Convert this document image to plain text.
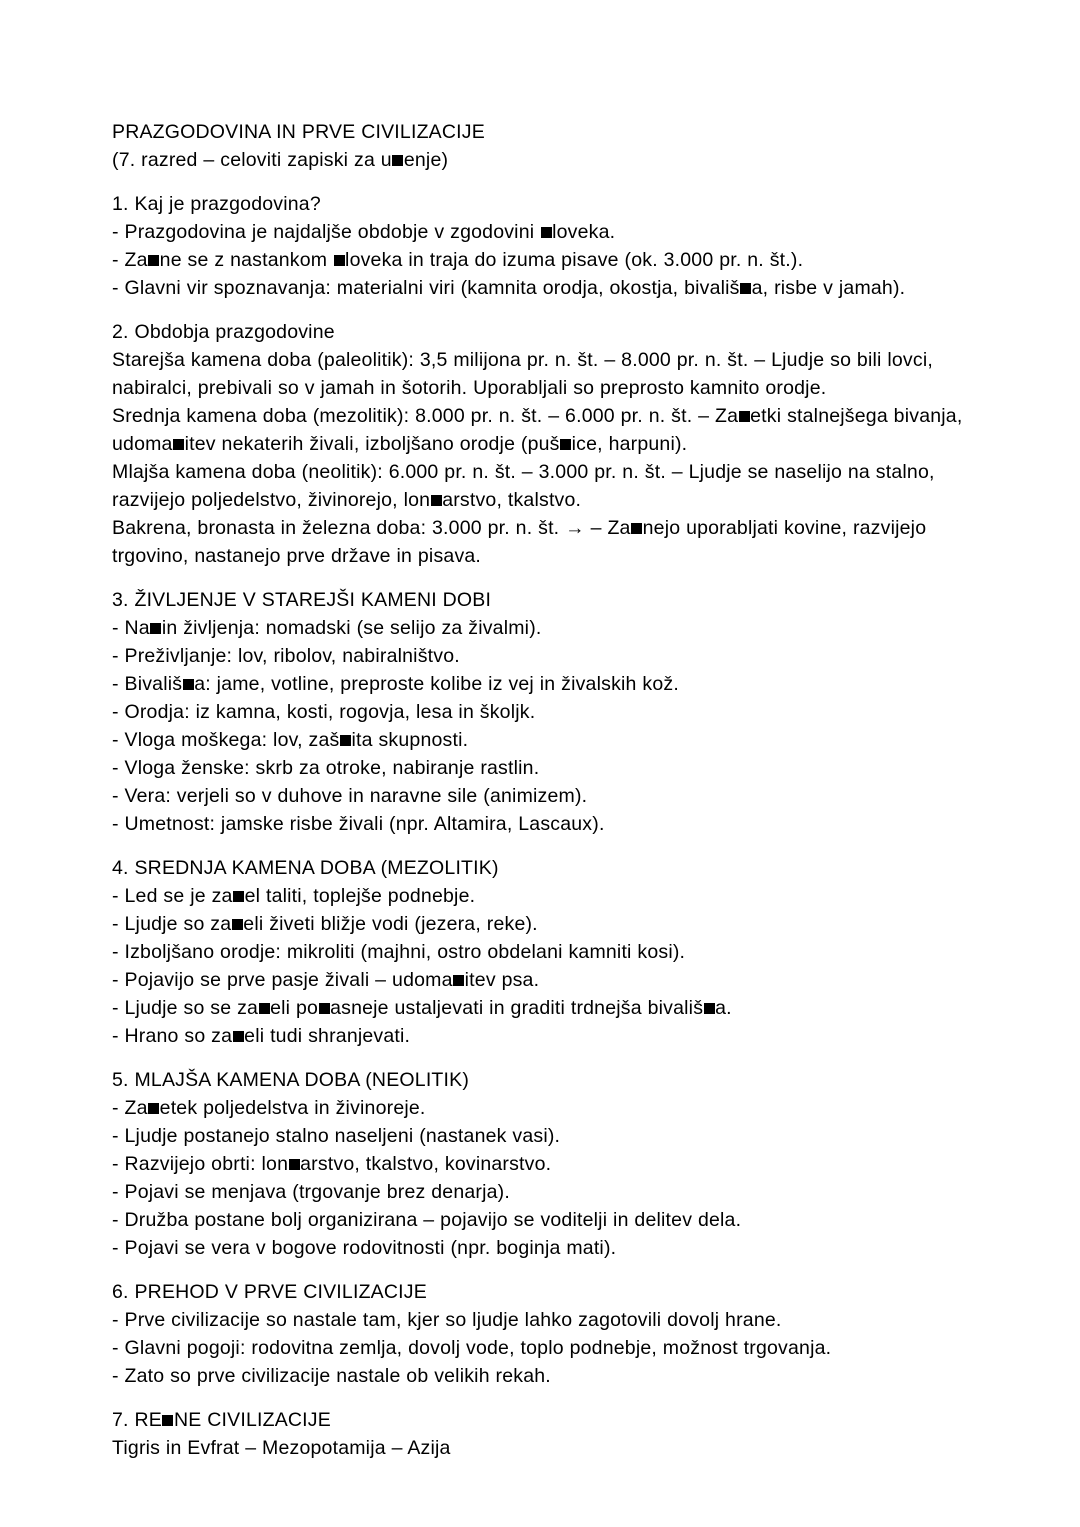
PRAZGODOVINA IN PRVE CIVILIZACIJE
(7. razred – celoviti zapiski za u enje)
1. Kaj je prazgodovina?
- Prazgodovina je najdaljše obdobje v zgodovini loveka.
- Za ne se z nastankom loveka in traja do izuma pisave (ok. 3.000 pr. n. št.).
- Glavni vir spoznavanja: materialni viri (kamnita orodja, okostja, bivališ a, risbe v jamah).
2. Obdobja prazgodovine
Starejša kamena doba (paleolitik): 3,5 milijona pr. n. št. – 8.000 pr. n. št. – Ljudje so bili lovci, nabiralci, prebivali so v jamah in šotorih. Uporabljali so preprosto kamnito orodje.
Srednja kamena doba (mezolitik): 8.000 pr. n. št. – 6.000 pr. n. št. – Za etki stalnejšega bivanja, udoma itev nekaterih živali, izboljšano orodje (puš ice, harpuni).
Mlajša kamena doba (neolitik): 6.000 pr. n. št. – 3.000 pr. n. št. – Ljudje se naselijo na stalno, razvijejo poljedelstvo, živinorejo, lon arstvo, tkalstvo.
Bakrena, bronasta in železna doba: 3.000 pr. n. št. → – Za nejo uporabljati kovine, razvijejo trgovino, nastanejo prve države in pisava.
3. ŽIVLJENJE V STAREJŠI KAMENI DOBI
- Na in življenja: nomadski (se selijo za živalmi).
- Preživljanje: lov, ribolov, nabiralništvo.
- Bivališ a: jame, votline, preproste kolibe iz vej in živalskih kož.
- Orodja: iz kamna, kosti, rogovja, lesa in školjk.
- Vloga moškega: lov, zaš ita skupnosti.
- Vloga ženske: skrb za otroke, nabiranje rastlin.
- Vera: verjeli so v duhove in naravne sile (animizem).
- Umetnost: jamske risbe živali (npr. Altamira, Lascaux).
4. SREDNJA KAMENA DOBA (MEZOLITIK)
- Led se je za el taliti, toplejše podnebje.
- Ljudje so za eli živeti bližje vodi (jezera, reke).
- Izboljšano orodje: mikroliti (majhni, ostro obdelani kamniti kosi).
- Pojavijo se prve pasje živali – udoma itev psa.
- Ljudje so se za eli po asneje ustaljevati in graditi trdnejša bivališ a.
- Hrano so za eli tudi shranjevati.
5. MLAJŠA KAMENA DOBA (NEOLITIK)
- Za etek poljedelstva in živinoreje.
- Ljudje postanejo stalno naseljeni (nastanek vasi).
- Razvijejo obrti: lon arstvo, tkalstvo, kovinarstvo.
- Pojavi se menjava (trgovanje brez denarja).
- Družba postane bolj organizirana – pojavijo se voditelji in delitev dela.
- Pojavi se vera v bogove rodovitnosti (npr. boginja mati).
6. PREHOD V PRVE CIVILIZACIJE
- Prve civilizacije so nastale tam, kjer so ljudje lahko zagotovili dovolj hrane.
- Glavni pogoji: rodovitna zemlja, dovolj vode, toplo podnebje, možnost trgovanja.
- Zato so prve civilizacije nastale ob velikih rekah.
7. RE NE CIVILIZACIJE
Tigris in Evfrat – Mezopotamija – Azija
